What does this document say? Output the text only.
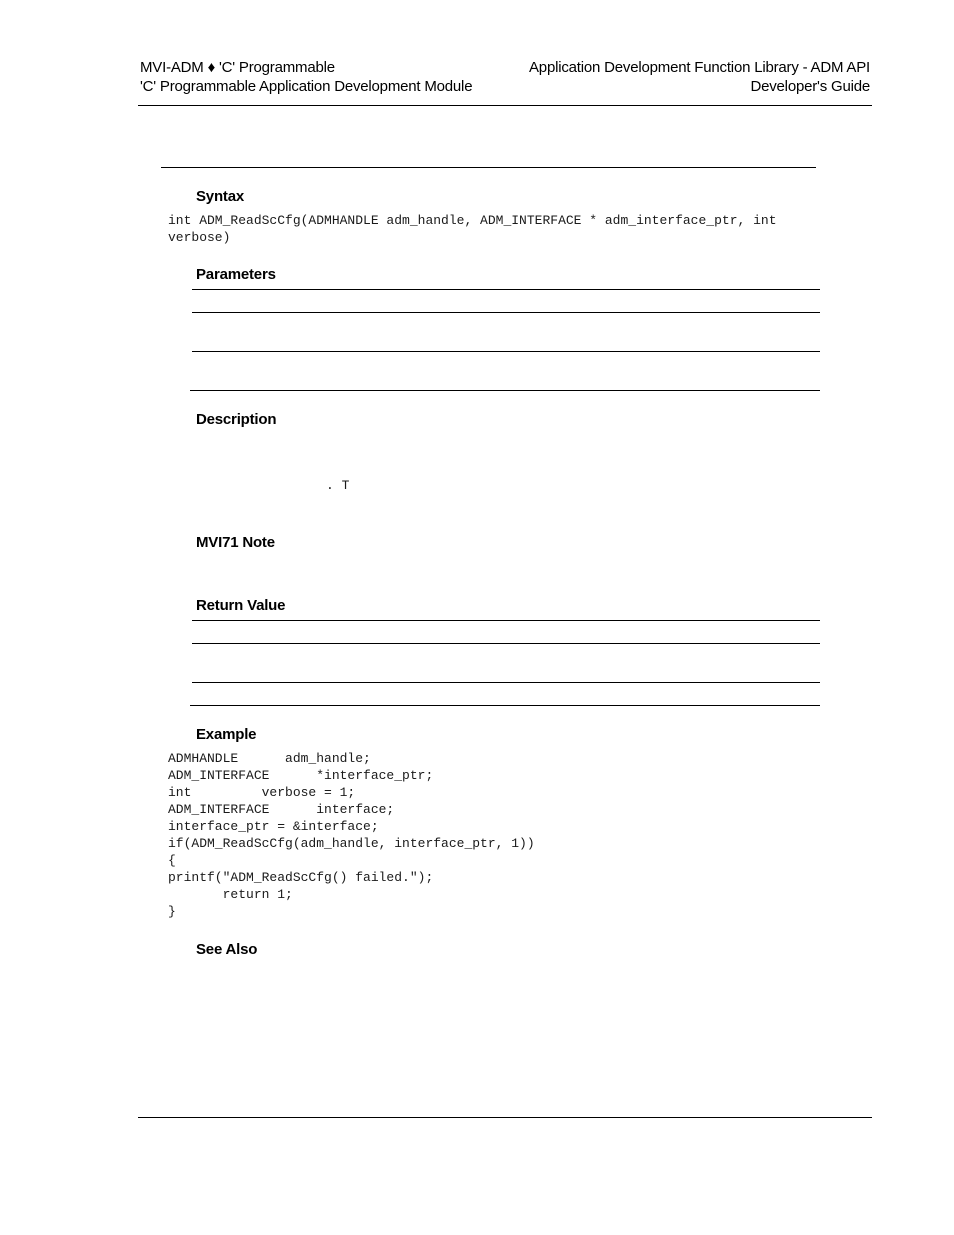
MVI-ADM ♦ 'C' Programmable
'C' Programmable Application Development Module
Application Development Function Library - ADM API
Developer's Guide
Syntax
int ADM_ReadScCfg(ADMHANDLE adm_handle, ADM_INTERFACE * adm_interface_ptr, int
verbose)
Parameters
Description
. T
MVI71 Note
Return Value
Example
ADMHANDLE      adm_handle;
ADM_INTERFACE      *interface_ptr;
int         verbose = 1;
ADM_INTERFACE      interface;
interface_ptr = &interface;
if(ADM_ReadScCfg(adm_handle, interface_ptr, 1))
{
printf("ADM_ReadScCfg() failed.");
return 1;
}
See Also
